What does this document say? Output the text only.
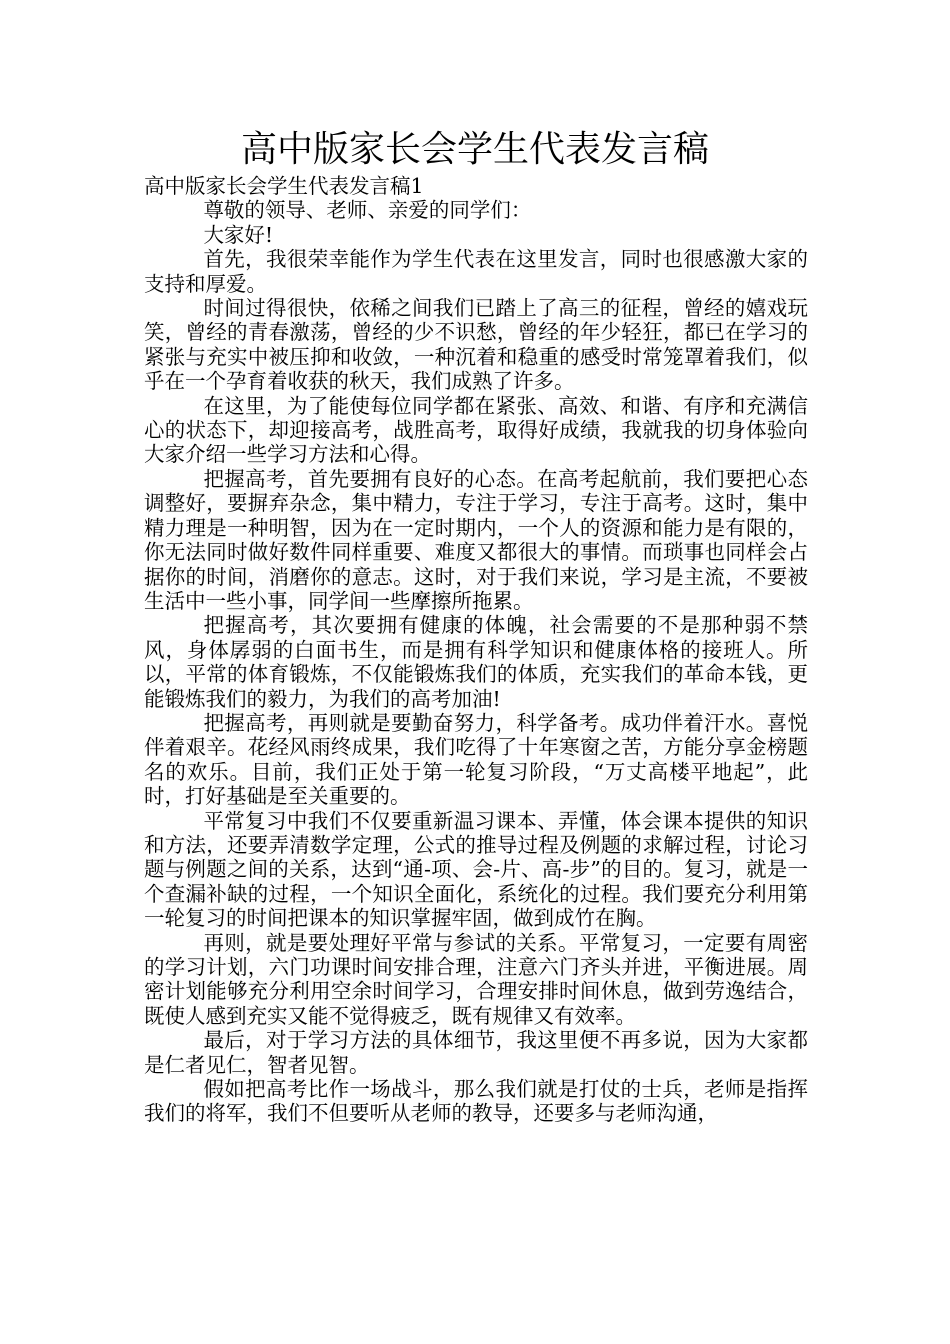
高中版家长会学生代表发言稿

高中版家长会学生代表发言稿1

尊敬的领导、老师、亲爱的同学们：

大家好!

首先，我很荣幸能作为学生代表在这里发言，同时也很感激大家的支持和厚爱。

时间过得很快，依稀之间我们已踏上了高三的征程，曾经的嬉戏玩笑，曾经的青春激荡，曾经的少不识愁，曾经的年少轻狂，都已在学习的紧张与充实中被压抑和收敛，一种沉着和稳重的感受时常笼罩着我们，似乎在一个孕育着收获的秋天，我们成熟了许多。

在这里，为了能使每位同学都在紧张、高效、和谐、有序和充满信心的状态下，却迎接高考，战胜高考，取得好成绩，我就我的切身体验向大家介绍一些学习方法和心得。

把握高考，首先要拥有良好的心态。在高考起航前，我们要把心态调整好，要摒弃杂念，集中精力，专注于学习，专注于高考。这时，集中精力理是一种明智，因为在一定时期内，一个人的资源和能力是有限的，你无法同时做好数件同样重要、难度又都很大的事情。而琐事也同样会占据你的时间，消磨你的意志。这时，对于我们来说，学习是主流，不要被生活中一些小事，同学间一些摩擦所拖累。

把握高考，其次要拥有健康的体魄，社会需要的不是那种弱不禁风，身体孱弱的白面书生，而是拥有科学知识和健康体格的接班人。所以，平常的体育锻炼，不仅能锻炼我们的体质，充实我们的革命本钱，更能锻炼我们的毅力，为我们的高考加油!

把握高考，再则就是要勤奋努力，科学备考。成功伴着汗水。喜悦伴着艰辛。花经风雨终成果，我们吃得了十年寒窗之苦，方能分享金榜题名的欢乐。目前，我们正处于第一轮复习阶段，“万丈高楼平地起”，此时，打好基础是至关重要的。

平常复习中我们不仅要重新温习课本、弄懂，体会课本提供的知识和方法，还要弄清数学定理，公式的推导过程及例题的求解过程，讨论习题与例题之间的关系，达到“通-项、会-片、高-步”的目的。复习，就是一个查漏补缺的过程，一个知识全面化，系统化的过程。我们要充分利用第一轮复习的时间把课本的知识掌握牢固，做到成竹在胸。

再则，就是要处理好平常与参试的关系。平常复习，一定要有周密的学习计划，六门功课时间安排合理，注意六门齐头并进，平衡进展。周密计划能够充分利用空余时间学习，合理安排时间休息，做到劳逸结合，既使人感到充实又能不觉得疲乏，既有规律又有效率。

最后，对于学习方法的具体细节，我这里便不再多说，因为大家都是仁者见仁，智者见智。

假如把高考比作一场战斗，那么我们就是打仗的士兵，老师是指挥我们的将军，我们不但要听从老师的教导，还要多与老师沟通，
